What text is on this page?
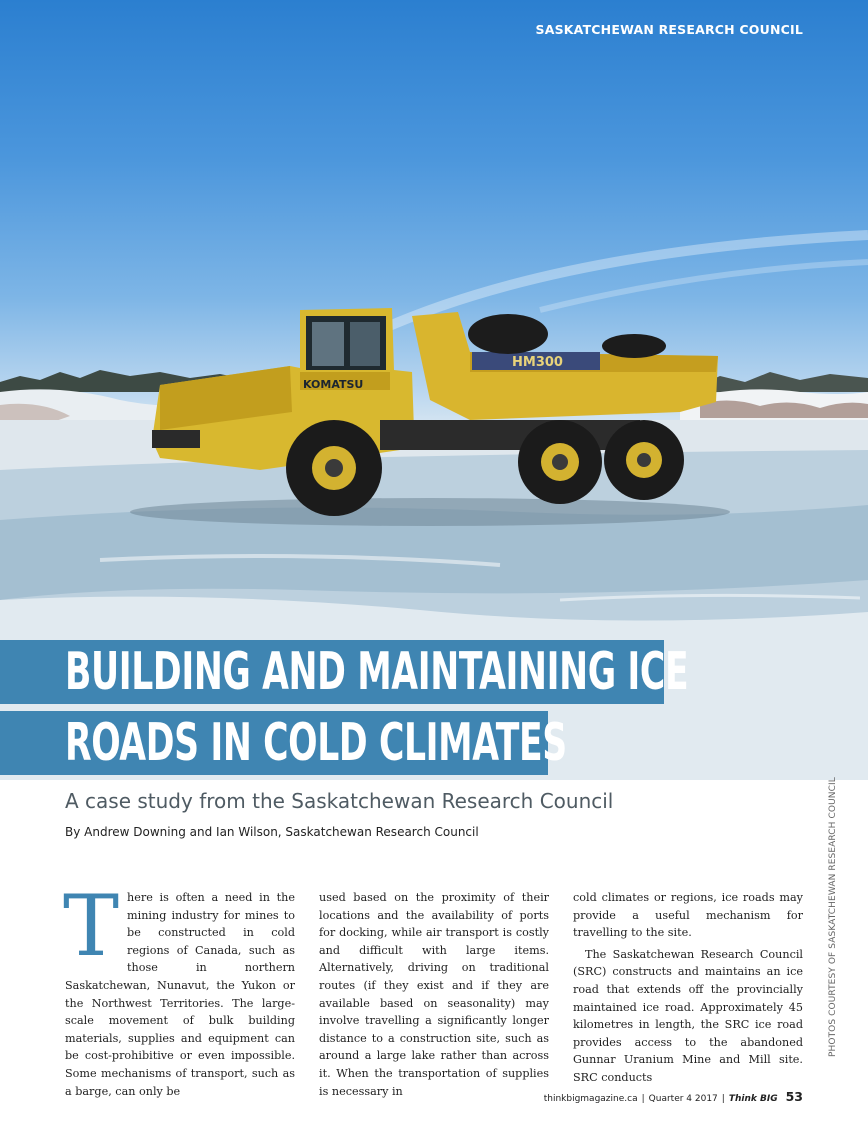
HM300
KOMATSU
SASKATCHEWAN RESEARCH COUNCIL
BUILDING AND MAINTAINING ICE
ROADS IN COLD CLIMATES
A case study from the Saskatchewan Research Council
By Andrew Downing and Ian Wilson, Saskatchewan Research Council
T here is often a need in the mining industry for mines to be constructed in cold regions of Canada, such as those in northern Saskatchewan, Nunavut, the Yukon or the Northwest Territories. The large-scale movement of bulk building materials, supplies and equipment can be cost-prohibitive or even impossible. Some mechanisms of transport, such as a barge, can only be

used based on the proximity of their locations and the availability of ports for docking, while air transport is costly and difficult with large items. Alternatively, driving on traditional routes (if they exist and if they are available based on seasonality) may involve travelling a significantly longer distance to a construction site, such as around a large lake rather than across it. When the transportation of supplies is necessary in

cold climates or regions, ice roads may provide a useful mechanism for travelling to the site.

The Saskatchewan Research Council (SRC) constructs and maintains an ice road that extends off the provincially maintained ice road. Approximately 45 kilometres in length, the SRC ice road provides access to the abandoned Gunnar Uranium Mine and Mill site. SRC conducts

PHOTOS COURTESY OF SASKATCHEWAN RESEARCH COUNCIL
thinkbigmagazine.ca | Quarter 4 2017 | Think BIG 53
